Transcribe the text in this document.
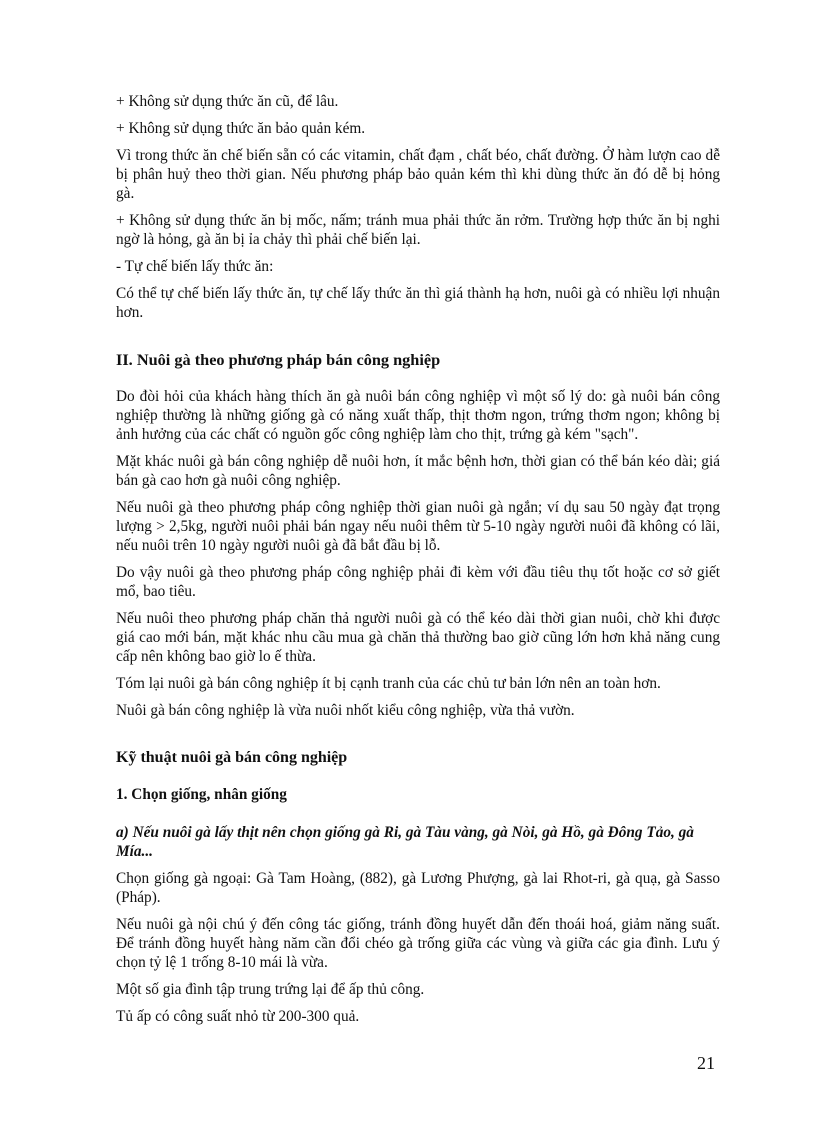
+ Không sử dụng thức ăn cũ, để lâu.

+ Không sử dụng thức ăn bảo quản kém.

Vì trong thức ăn chế biến sẵn có các vitamin, chất đạm , chất béo, chất đường. Ở hàm lượn cao dễ bị phân huỷ theo thời gian. Nếu phương pháp bảo quản kém thì khi dùng thức ăn đó dễ bị hỏng gà.

+ Không sử dụng thức ăn bị mốc, nấm; tránh mua phải thức ăn rởm. Trường hợp thức ăn bị nghi ngờ là hỏng, gà ăn bị ỉa chảy thì phải chế biến lại.

- Tự chế biến lấy thức ăn:

Có thể tự chế biến lấy thức ăn, tự chế lấy thức ăn thì giá thành hạ hơn, nuôi gà có nhiều lợi nhuận hơn.

II. Nuôi gà theo phương pháp bán công nghiệp

Do đòi hỏi của khách hàng thích ăn gà nuôi bán công nghiệp vì một số lý do: gà nuôi bán công nghiệp thường là những giống gà có năng xuất thấp, thịt thơm ngon, trứng thơm ngon; không bị ảnh hưởng của các chất có nguồn gốc công nghiệp làm cho thịt, trứng gà kém "sạch".

Mặt khác nuôi gà bán công nghiệp dễ nuôi hơn, ít mắc bệnh hơn, thời gian có thể bán kéo dài; giá bán gà cao hơn gà nuôi công nghiệp.

Nếu nuôi gà theo phương pháp công nghiệp thời gian nuôi gà ngắn; ví dụ sau 50 ngày đạt trọng lượng > 2,5kg, người nuôi phải bán ngay nếu nuôi thêm từ 5-10 ngày người nuôi đã không có lãi, nếu nuôi trên 10 ngày người nuôi gà đã bắt đầu bị lỗ.

Do vậy nuôi gà theo phương pháp công nghiệp phải đi kèm với đầu tiêu thụ tốt hoặc cơ sở giết mổ, bao tiêu.

Nếu nuôi theo phương pháp chăn thả người nuôi gà có thể kéo dài thời gian nuôi, chờ khi được giá cao mới bán, mặt khác nhu cầu mua gà chăn thả thường bao giờ cũng lớn hơn khả năng cung cấp nên không bao giờ lo ế thừa.

Tóm lại nuôi gà bán công nghiệp ít bị cạnh tranh của các chủ tư bản lớn nên an toàn hơn.

Nuôi gà bán công nghiệp là vừa nuôi nhốt kiểu công nghiệp, vừa thả vườn.

Kỹ thuật nuôi gà bán công nghiệp
1. Chọn giống, nhân giống

a) Nếu nuôi gà lấy thịt nên chọn giống gà Ri, gà Tàu vàng, gà Nòi, gà Hồ, gà Đông Tảo, gà Mía...

Chọn giống gà ngoại: Gà Tam Hoàng, (882), gà Lương Phượng, gà lai Rhot-ri, gà quạ, gà Sasso (Pháp).

Nếu nuôi gà nội chú ý đến công tác giống, tránh đồng huyết dẫn đến thoái hoá, giảm năng suất. Để tránh đồng huyết hàng năm cần đổi chéo gà trống giữa các vùng và giữa các gia đình. Lưu ý chọn tỷ lệ 1 trống 8-10 mái là vừa.

Một số gia đình tập trung trứng lại để ấp thủ công.

Tủ ấp có công suất nhỏ từ 200-300 quả.

21
